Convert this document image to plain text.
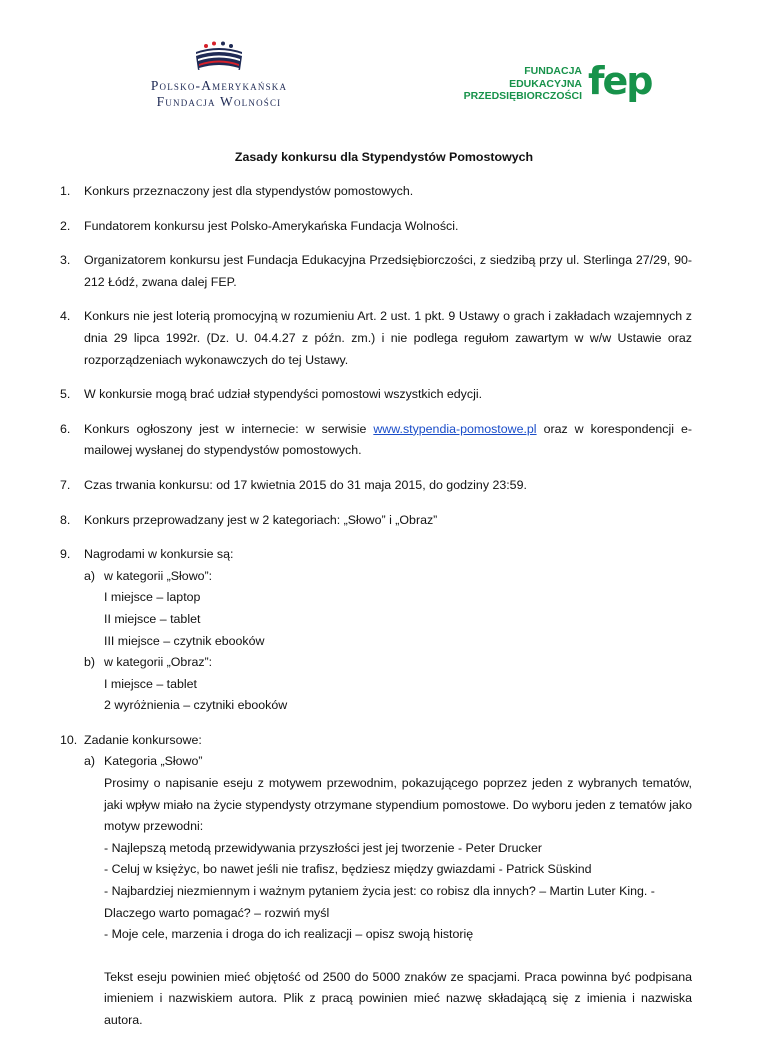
Polsko-Amerykańska
Fundacja Wolności
FUNDACJA
EDUKACYJNA
PRZEDSIĘBIORCZOŚCI fep
Zasady konkursu dla Stypendystów Pomostowych
1.	Konkurs przeznaczony jest dla stypendystów pomostowych.
2.	Fundatorem konkursu jest Polsko-Amerykańska Fundacja Wolności.
3.	Organizatorem konkursu jest Fundacja Edukacyjna Przedsiębiorczości, z siedzibą przy ul. Sterlinga 27/29, 90-212 Łódź, zwana dalej FEP.
4.	Konkurs nie jest loterią promocyjną w rozumieniu Art. 2 ust. 1 pkt. 9 Ustawy o grach i zakładach wzajemnych z dnia 29 lipca 1992r. (Dz. U. 04.4.27 z późn. zm.) i nie podlega regułom zawartym w w/w Ustawie oraz rozporządzeniach wykonawczych do tej Ustawy.
5.	W konkursie mogą brać udział stypendyści pomostowi wszystkich edycji.
6.	Konkurs ogłoszony jest w internecie: w serwisie www.stypendia-pomostowe.pl oraz w korespondencji e-mailowej wysłanej do stypendystów pomostowych.
7.	Czas trwania konkursu: od 17 kwietnia 2015 do 31 maja 2015, do godziny 23:59.
8.	Konkurs przeprowadzany jest w 2 kategoriach: „Słowo” i „Obraz”
9.	Nagrodami w konkursie są:
a) w kategorii „Słowo”:
I miejsce – laptop
II miejsce – tablet
III miejsce – czytnik ebooków
b) w kategorii „Obraz”:
I miejsce – tablet
2 wyróżnienia – czytniki ebooków
10. Zadanie konkursowe:
a) Kategoria „Słowo”
Prosimy o napisanie eseju z motywem przewodnim, pokazującego poprzez jeden z wybranych tematów, jaki wpływ miało na życie stypendysty otrzymane stypendium pomostowe. Do wyboru jeden z tematów jako motyw przewodni:
- Najlepszą metodą przewidywania przyszłości jest jej tworzenie - Peter Drucker
- Celuj w księżyc, bo nawet jeśli nie trafisz, będziesz między gwiazdami - Patrick Süskind
- Najbardziej niezmiennym i ważnym pytaniem życia jest: co robisz dla innych? – Martin Luter King. -
Dlaczego warto pomagać? – rozwiń myśl
- Moje cele, marzenia i droga do ich realizacji – opisz swoją historię
Tekst eseju powinien mieć objętość od 2500 do 5000 znaków ze spacjami. Praca powinna być podpisana imieniem i nazwiskiem autora. Plik z pracą powinien mieć nazwę składającą się z imienia i nazwiska autora.
